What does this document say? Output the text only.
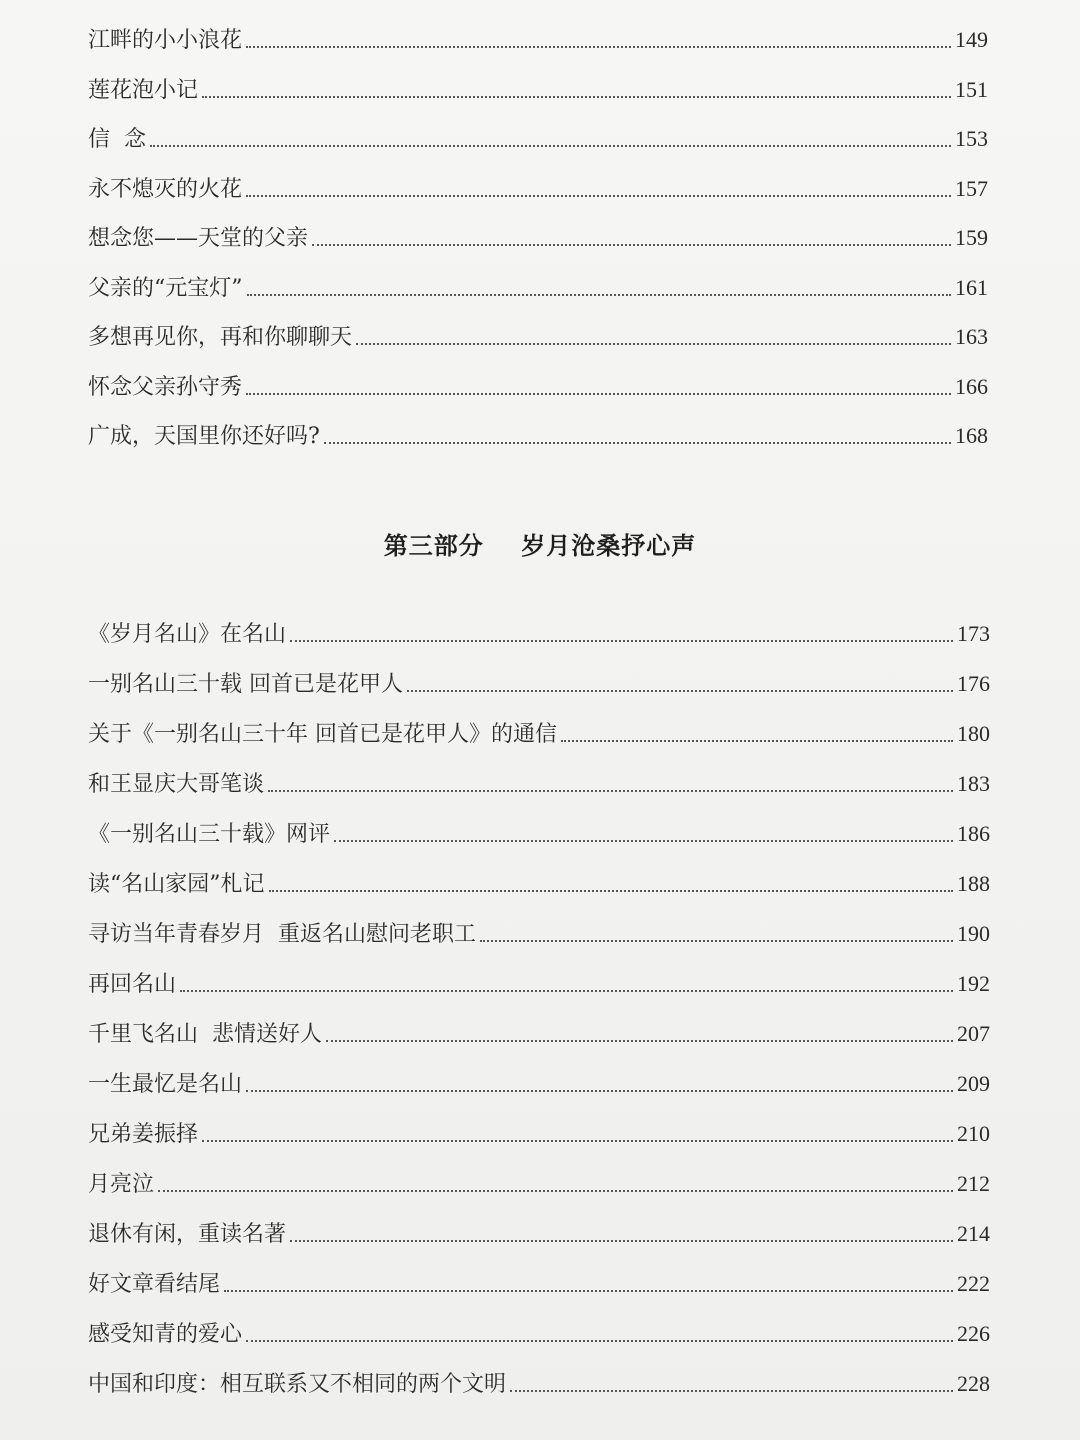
江畔的小小浪花	149
莲花泡小记	151
信  念	153
永不熄灭的火花	157
想念您——天堂的父亲	159
父亲的“元宝灯”	161
多想再见你，再和你聊聊天	163
怀念父亲孙守秀	166
广成，天国里你还好吗?	168
第三部分    岁月沧桑抒心声
《岁月名山》在名山	173
一别名山三十载 回首已是花甲人	176
关于《一别名山三十年 回首已是花甲人》的通信	180
和王显庆大哥笔谈	183
《一别名山三十载》网评	186
读“名山家园”札记	188
寻访当年青春岁月  重返名山慰问老职工	190
再回名山	192
千里飞名山  悲情送好人	207
一生最忆是名山	209
兄弟姜振择	210
月亮泣	212
退休有闲，重读名著	214
好文章看结尾	222
感受知青的爱心	226
中国和印度：相互联系又不相同的两个文明	228
